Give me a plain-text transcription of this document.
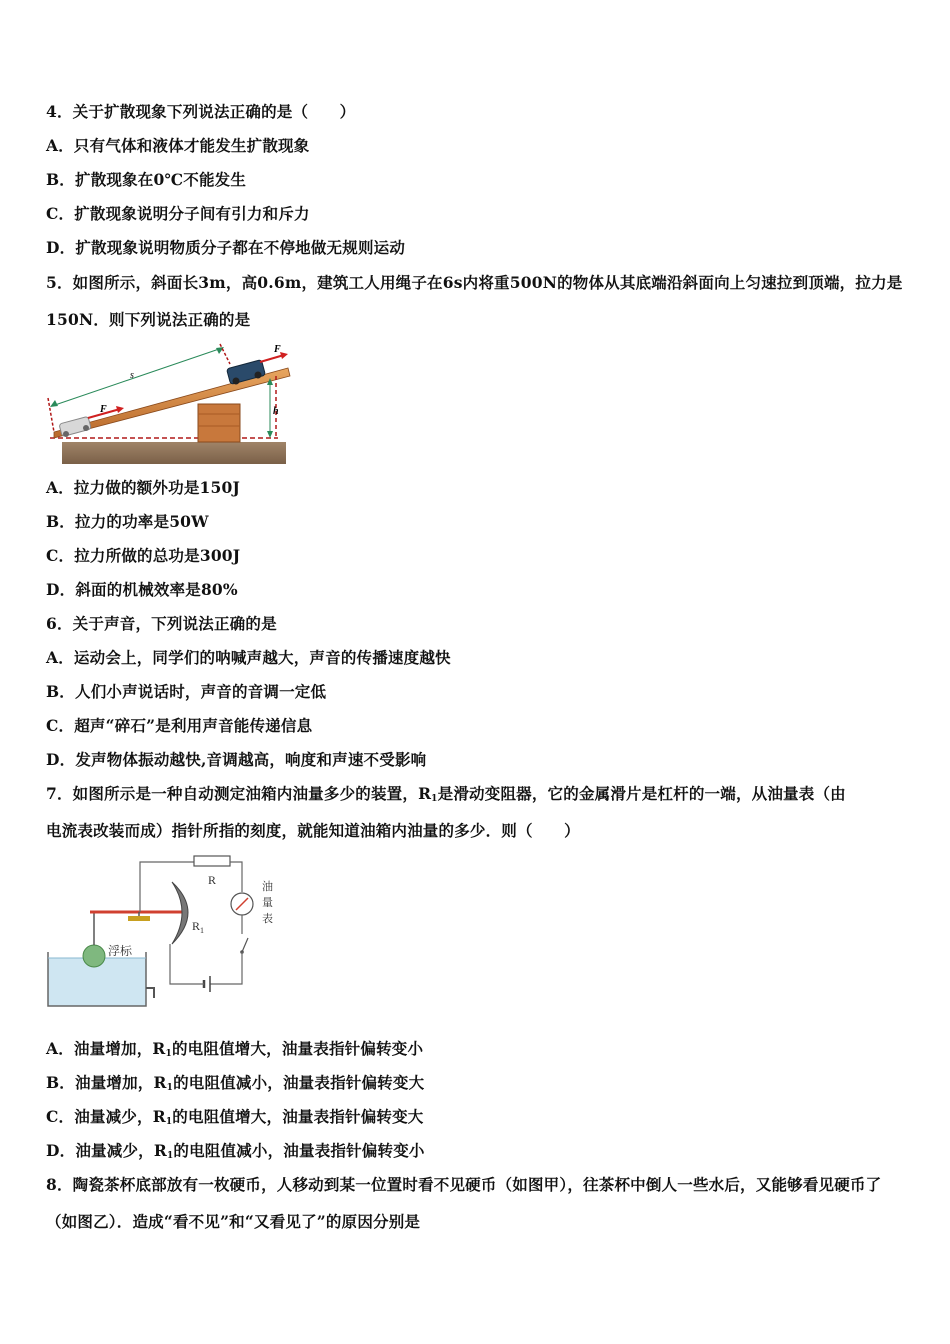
4．关于扩散现象下列说法正确的是（　　）
A．只有气体和液体才能发生扩散现象
B．扩散现象在0℃不能发生
C．扩散现象说明分子间有引力和斥力
D．扩散现象说明物质分子都在不停地做无规则运动
5．如图所示，斜面长3m，高0.6m，建筑工人用绳子在6s内将重500N的物体从其底端沿斜面向上匀速拉到顶端，拉力是150N．则下列说法正确的是
h
s
F
F
A．拉力做的额外功是150J
B．拉力的功率是50W
C．拉力所做的总功是300J
D．斜面的机械效率是80%
6．关于声音，下列说法正确的是
A．运动会上，同学们的呐喊声越大，声音的传播速度越快
B．人们小声说话时，声音的音调一定低
C．超声“碎石”是利用声音能传递信息
D．发声物体振动越快,音调越高，响度和声速不受影响
7．如图所示是一种自动测定油箱内油量多少的装置，$R_1$是滑动变阻器，它的金属滑片是杠杆的一端，从油量表（由
电流表改装而成）指针所指的刻度，就能知道油箱内油量的多少．则（　　）
浮标
$R_1$
R	油
量
表
A．油量增加，$R_1$的电阻值增大，油量表指针偏转变小
B．油量增加，$R_1$的电阻值减小，油量表指针偏转变大
C．油量减少，$R_1$的电阻值增大，油量表指针偏转变大
D．油量减少，$R_1$的电阻值减小，油量表指针偏转变小
8．陶瓷茶杯底部放有一枚硬币，人移动到某一位置时看不见硬币（如图甲），往茶杯中倒人一些水后，又能够看见硬币了（如图乙）．造成“看不见”和“又看见了”的原因分别是
